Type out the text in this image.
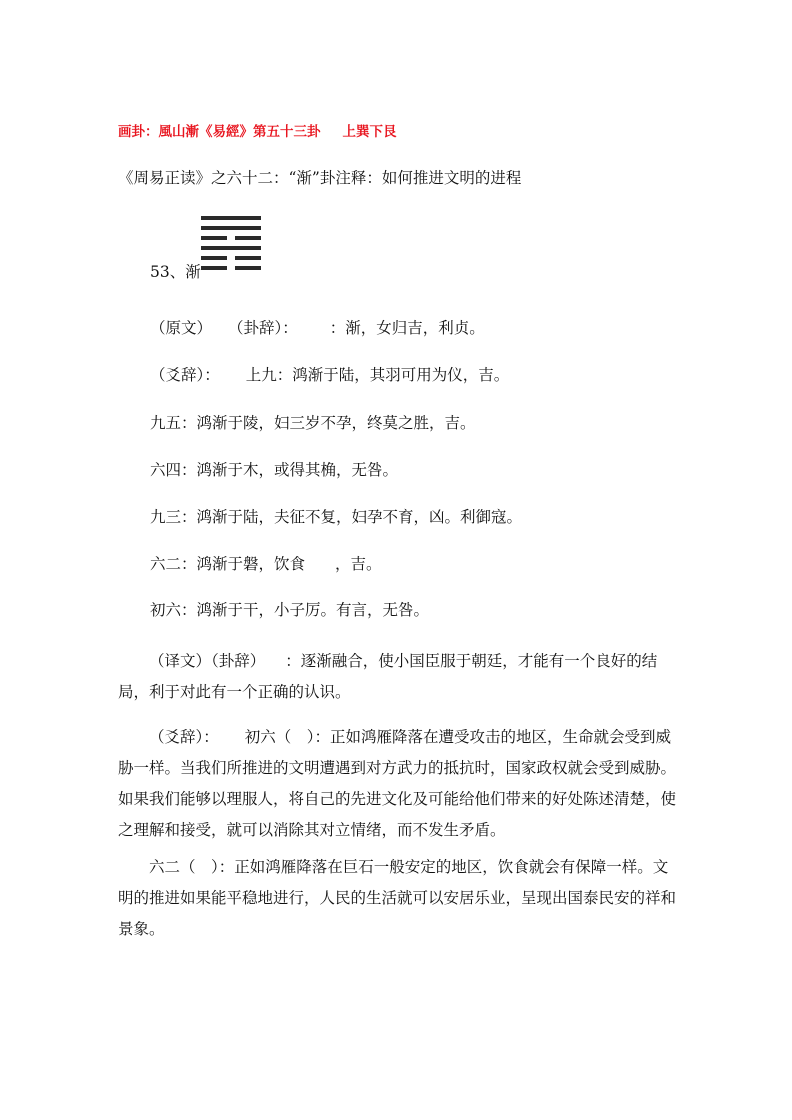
画卦：風山漸《易經》第五十三卦 上巽下艮
《周易正读》之六十二：“渐”卦注释：如何推进文明的进程
53、渐
（原文） （卦辞）： ：渐，女归吉，利贞。
（爻辞）： 上九：鸿渐于陆，其羽可用为仪，吉。
九五：鸿渐于陵，妇三岁不孕，终莫之胜，吉。
六四：鸿渐于木，或得其桷，无咎。
九三：鸿渐于陆，夫征不复，妇孕不育，凶。利御寇。
六二：鸿渐于磐，饮食 ，吉。
初六：鸿渐于干，小子厉。有言，无咎。
（译文）（卦辞） ：逐渐融合，使小国臣服于朝廷，才能有一个良好的结局，利于对此有一个正确的认识。
（爻辞）： 初六（　）：正如鸿雁降落在遭受攻击的地区，生命就会受到威胁一样。当我们所推进的文明遭遇到对方武力的抵抗时，国家政权就会受到威胁。如果我们能够以理服人，将自己的先进文化及可能给他们带来的好处陈述清楚，使之理解和接受，就可以消除其对立情绪，而不发生矛盾。
六二（　）：正如鸿雁降落在巨石一般安定的地区，饮食就会有保障一样。文明的推进如果能平稳地进行，人民的生活就可以安居乐业，呈现出国泰民安的祥和景象。
